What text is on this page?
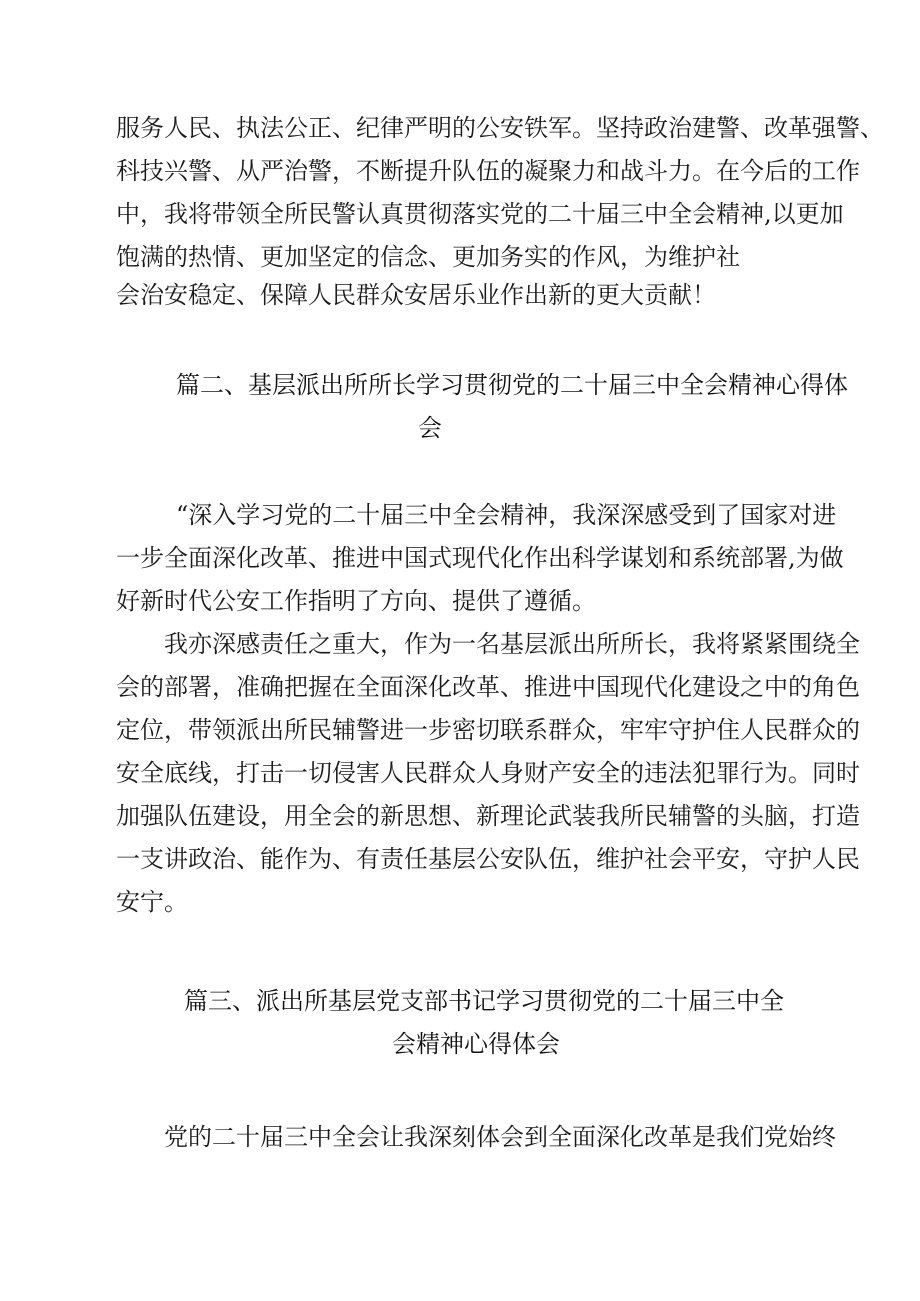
服务人民、执法公正、纪律严明的公安铁军。坚持政治建警、改革强警、
科技兴警、从严治警，不断提升队伍的凝聚力和战斗力。在今后的工作
中，我将带领全所民警认真贯彻落实党的二十届三中全会精神,以更加
饱满的热情、更加坚定的信念、更加务实的作风，为维护社
会治安稳定、保障人民群众安居乐业作出新的更大贡献！
篇二、基层派出所所长学习贯彻党的二十届三中全会精神心得体
会
“深入学习党的二十届三中全会精神，我深深感受到了国家对进
一步全面深化改革、推进中国式现代化作出科学谋划和系统部署,为做
好新时代公安工作指明了方向、提供了遵循。
我亦深感责任之重大，作为一名基层派出所所长，我将紧紧围绕全
会的部署，准确把握在全面深化改革、推进中国现代化建设之中的角色
定位，带领派出所民辅警进一步密切联系群众，牢牢守护住人民群众的
安全底线，打击一切侵害人民群众人身财产安全的违法犯罪行为。同时
加强队伍建设，用全会的新思想、新理论武装我所民辅警的头脑，打造
一支讲政治、能作为、有责任基层公安队伍，维护社会平安，守护人民
安宁。
篇三、派出所基层党支部书记学习贯彻党的二十届三中全
会精神心得体会
党的二十届三中全会让我深刻体会到全面深化改革是我们党始终
